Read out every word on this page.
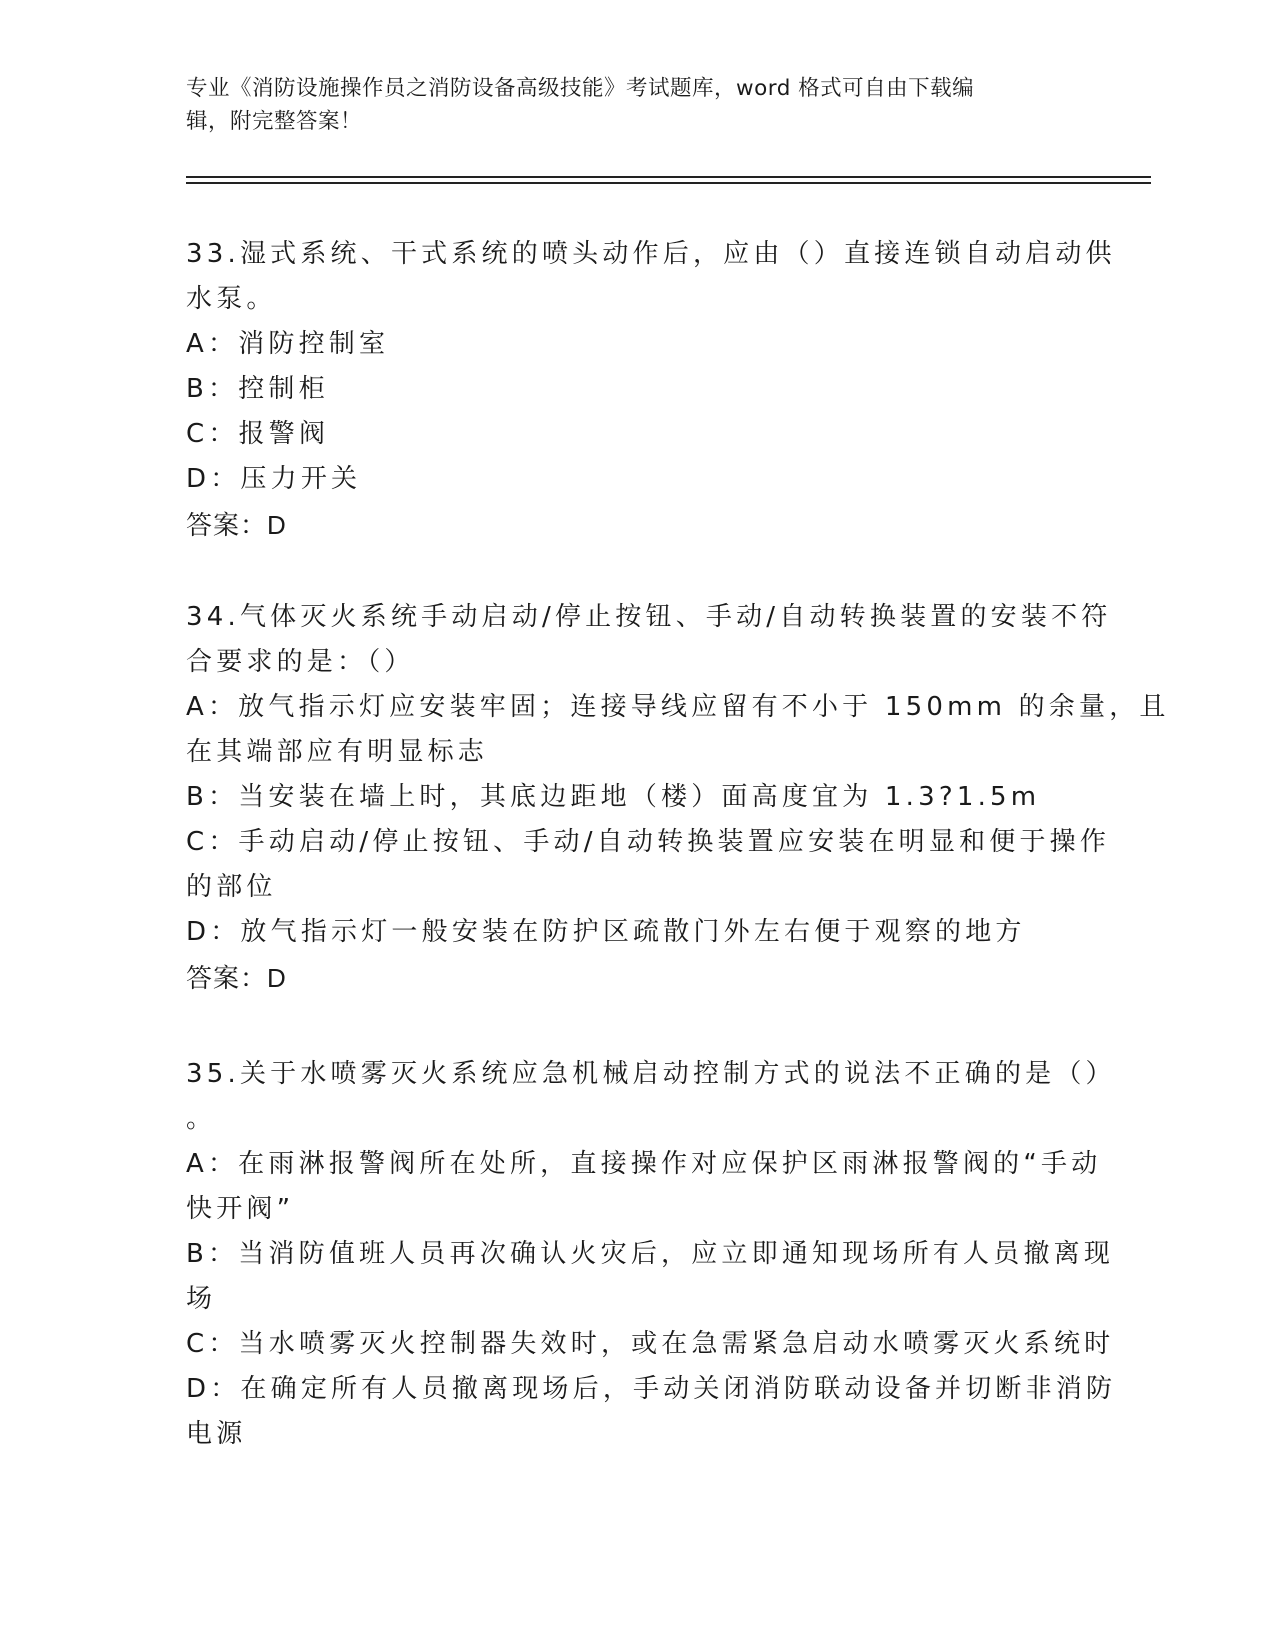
专业《消防设施操作员之消防设备高级技能》考试题库，word 格式可自由下载编
辑，附完整答案！
33.湿式系统、干式系统的喷头动作后，应由（）直接连锁自动启动供
水泵。
A：消防控制室
B：控制柜
C：报警阀
D：压力开关
答案：D
34.气体灭火系统手动启动/停止按钮、手动/自动转换装置的安装不符
合要求的是：（）
A：放气指示灯应安装牢固；连接导线应留有不小于 150mm 的余量，且
在其端部应有明显标志
B：当安装在墙上时，其底边距地（楼）面高度宜为 1.3?1.5m
C：手动启动/停止按钮、手动/自动转换装置应安装在明显和便于操作
的部位
D：放气指示灯一般安装在防护区疏散门外左右便于观察的地方
答案：D
35.关于水喷雾灭火系统应急机械启动控制方式的说法不正确的是（）
。
A：在雨淋报警阀所在处所，直接操作对应保护区雨淋报警阀的“手动
快开阀”
B：当消防值班人员再次确认火灾后，应立即通知现场所有人员撤离现
场
C：当水喷雾灭火控制器失效时，或在急需紧急启动水喷雾灭火系统时
D：在确定所有人员撤离现场后，手动关闭消防联动设备并切断非消防
电源
